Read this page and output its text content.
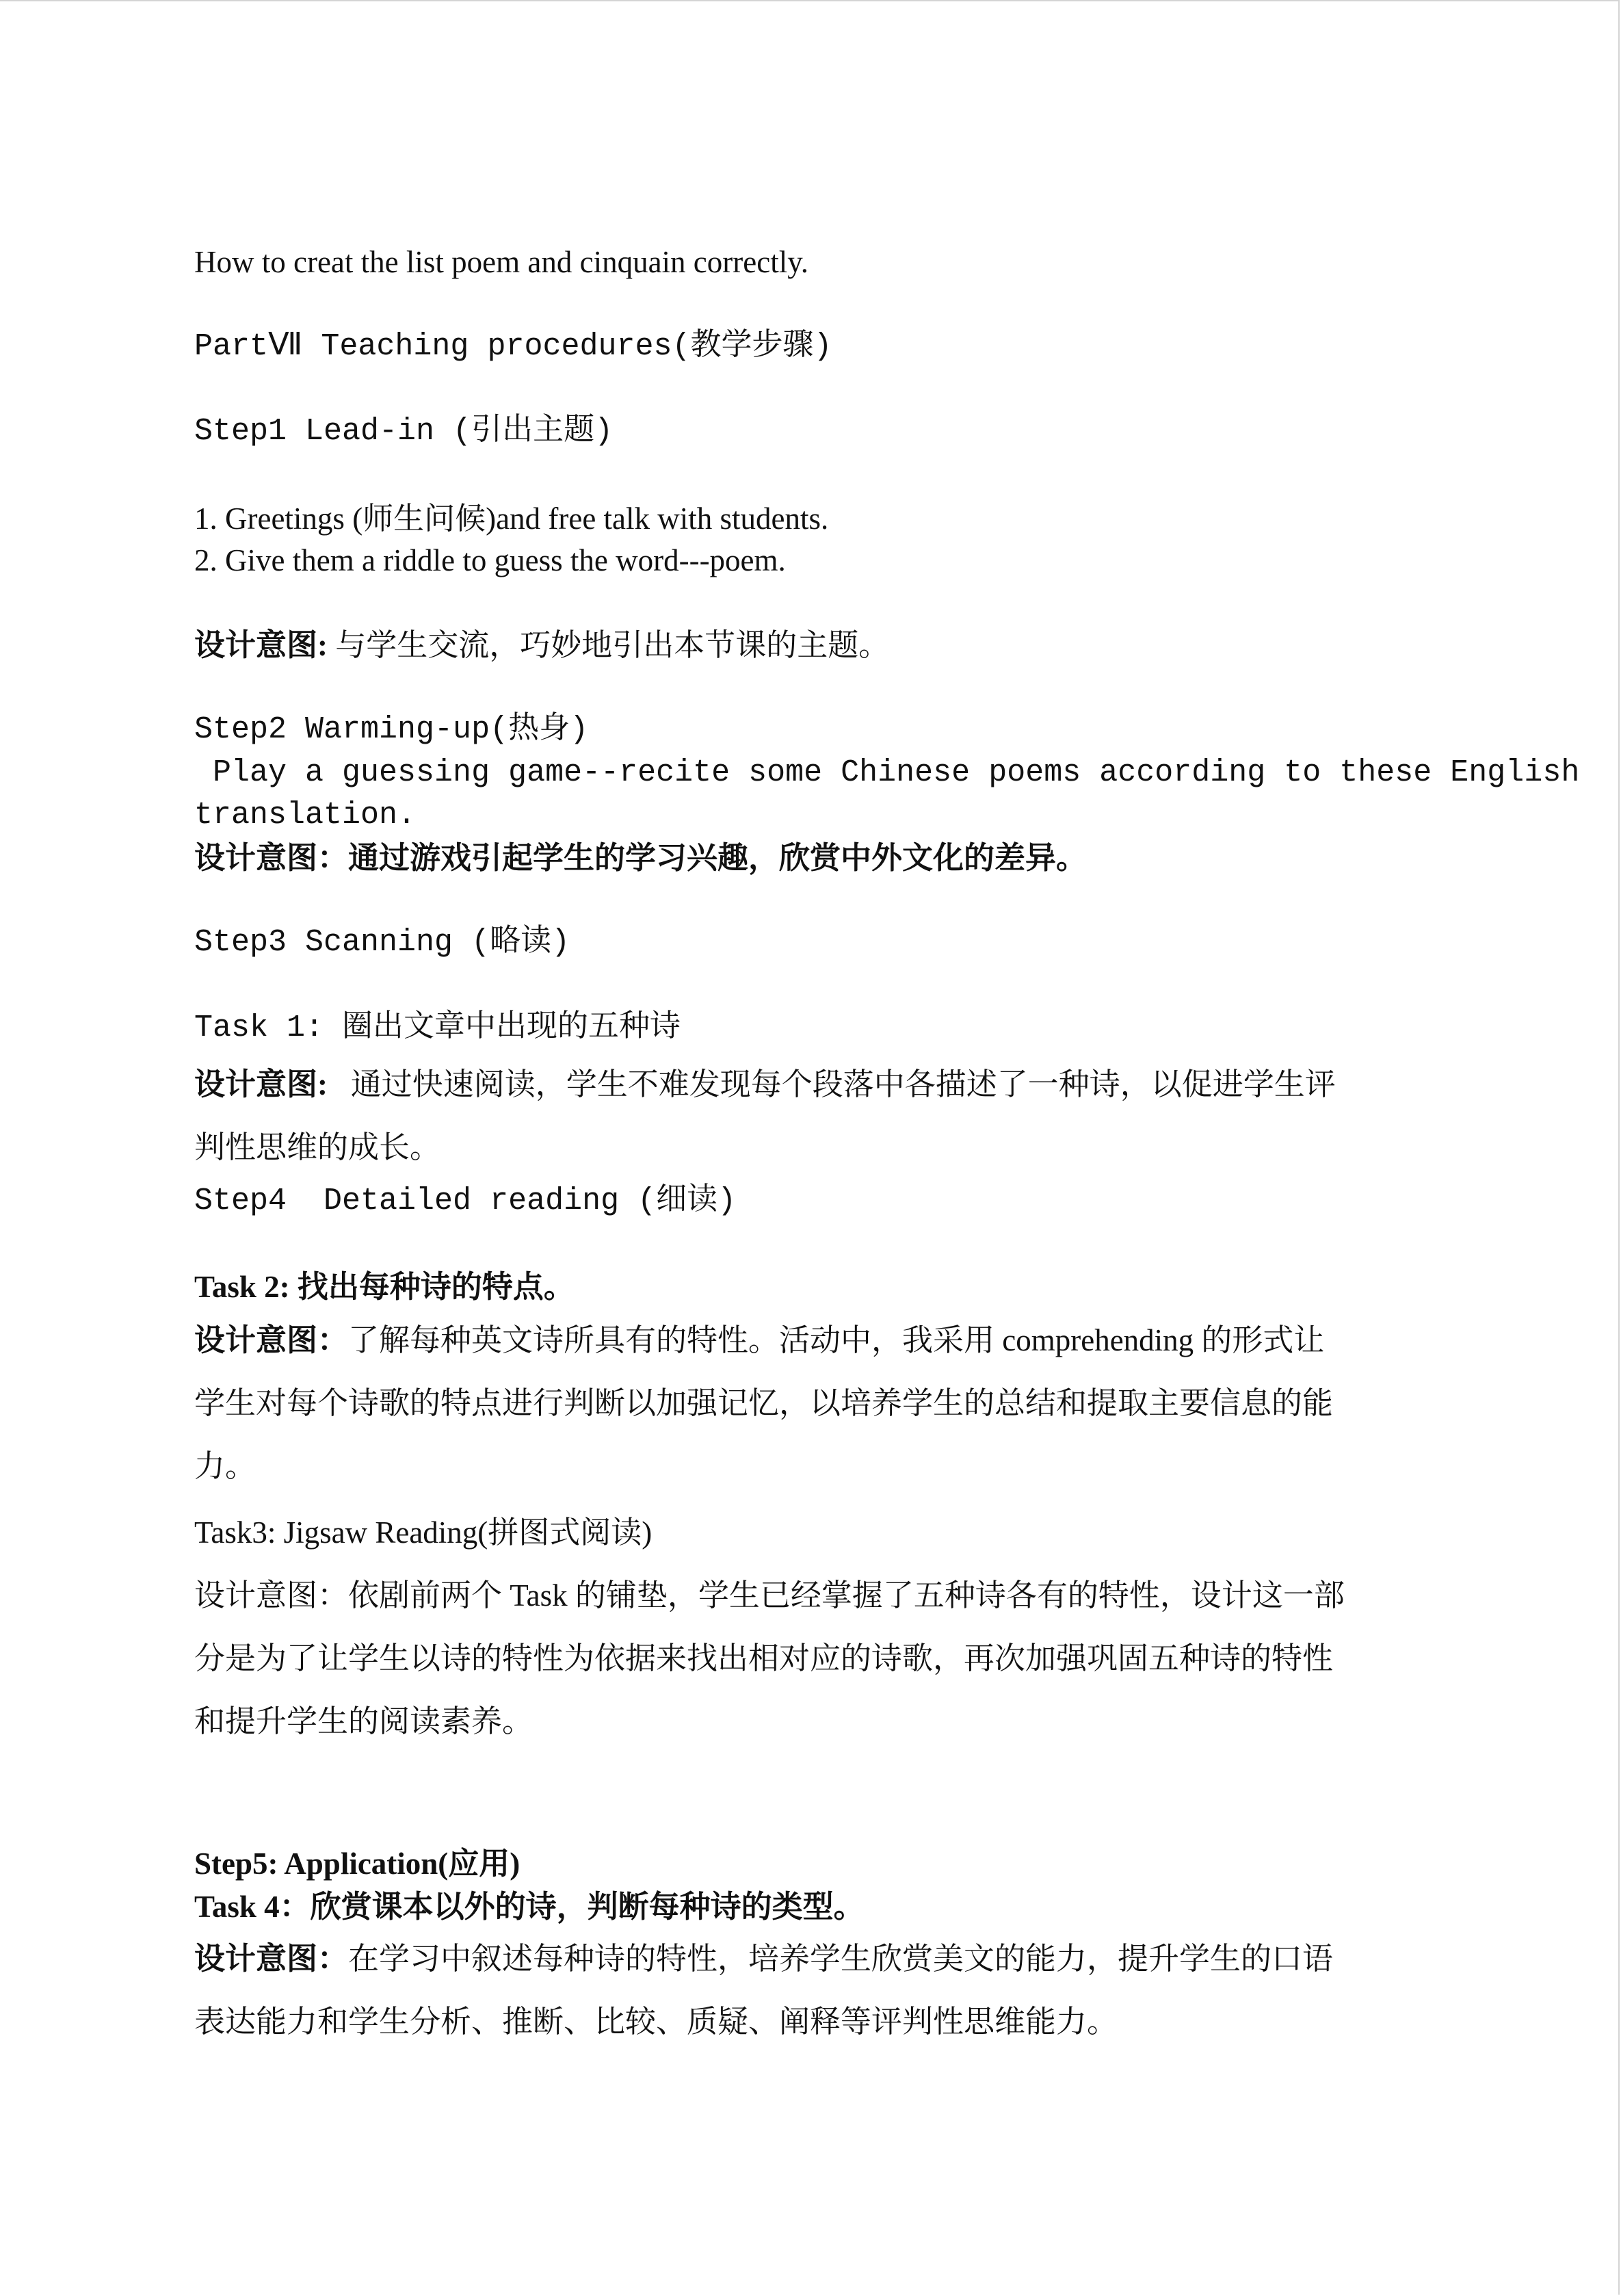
How to creat the list poem and cinquain correctly.
PartⅦ Teaching procedures(教学步骤)
Step1 Lead-in (引出主题)
1. Greetings (师生问候)and free talk with students.
2. Give them a riddle to guess the word---poem.
设计意图: 与学生交流，巧妙地引出本节课的主题。
Step2 Warming-up(热身)
Play a guessing game--recite some Chinese poems according to these English
translation.
设计意图：通过游戏引起学生的学习兴趣，欣赏中外文化的差异。
Step3 Scanning (略读)
Task 1: 圈出文章中出现的五种诗
设计意图:   通过快速阅读，学生不难发现每个段落中各描述了一种诗，以促进学生评
判性思维的成长。
Step4  Detailed reading (细读)
Task 2: 找出每种诗的特点。
设计意图：了解每种英文诗所具有的特性。活动中，我采用 comprehending 的形式让
学生对每个诗歌的特点进行判断以加强记忆，以培养学生的总结和提取主要信息的能
力。
Task3: Jigsaw Reading(拼图式阅读)
设计意图：依剧前两个 Task 的铺垫，学生已经掌握了五种诗各有的特性，设计这一部
分是为了让学生以诗的特性为依据来找出相对应的诗歌，再次加强巩固五种诗的特性
和提升学生的阅读素养。
Step5: Application(应用)
Task 4：欣赏课本以外的诗，判断每种诗的类型。
设计意图：在学习中叙述每种诗的特性，培养学生欣赏美文的能力，提升学生的口语
表达能力和学生分析、推断、比较、质疑、阐释等评判性思维能力。
